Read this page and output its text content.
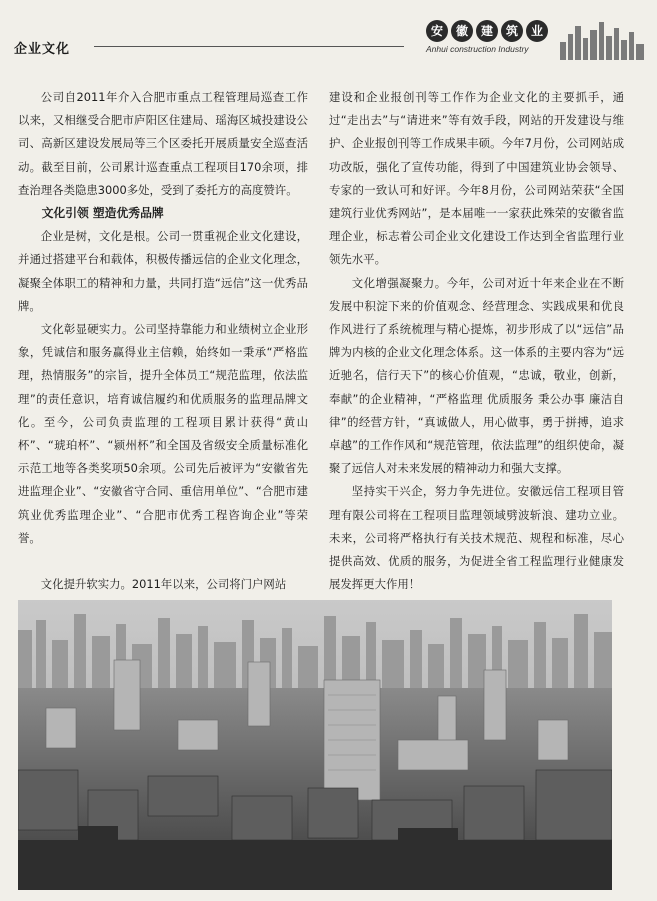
企业文化
安	徽	建	筑	业
Anhui construction Industry

公司自2011年介入合肥市重点工程管理局巡查工作以来，又相继受合肥市庐阳区住建局、瑶海区城投建设公司、高新区建设发展局等三个区委托开展质量安全巡查活动。截至目前，公司累计巡查重点工程项目170余项，排查治理各类隐患3000多处，受到了委托方的高度赞许。

文化引领 塑造优秀品牌

企业是树，文化是根。公司一贯重视企业文化建设，并通过搭建平台和载体，积极传播远信的企业文化理念，凝聚全体职工的精神和力量，共同打造“远信”这一优秀品牌。

文化彰显硬实力。公司坚持靠能力和业绩树立企业形象，凭诚信和服务赢得业主信赖，始终如一秉承“严格监理，热情服务”的宗旨，提升全体员工“规范监理，依法监理”的责任意识，培育诚信履约和优质服务的监理品牌文化。至今，公司负责监理的工程项目累计获得“黄山杯”、“琥珀杯”、“颍州杯”和全国及省级安全质量标准化示范工地等各类奖项50余项。公司先后被评为“安徽省先进监理企业”、“安徽省守合同、重信用单位”、“合肥市建筑业优秀监理企业”、“合肥市优秀工程咨询企业”等荣誉。

文化提升软实力。2011年以来，公司将门户网站

建设和企业报创刊等工作作为企业文化的主要抓手，通过“走出去”与“请进来”等有效手段，网站的开发建设与维护、企业报创刊等工作成果丰硕。今年7月份，公司网站成功改版，强化了宣传功能，得到了中国建筑业协会领导、专家的一致认可和好评。今年8月份，公司网站荣获“全国建筑行业优秀网站”，是本届唯一一家获此殊荣的安徽省监理企业，标志着公司企业文化建设工作达到全省监理行业领先水平。

文化增强凝聚力。今年，公司对近十年来企业在不断发展中积淀下来的价值观念、经营理念、实践成果和优良作风进行了系统梳理与精心提炼，初步形成了以“远信”品牌为内核的企业文化理念体系。这一体系的主要内容为“远近驰名，信行天下”的核心价值观，“忠诚，敬业，创新，奉献”的企业精神，“严格监理 优质服务 秉公办事 廉洁自律”的经营方针，“真诚做人，用心做事，勇于拼搏，追求卓越”的工作作风和“规范管理，依法监理”的组织使命，凝聚了远信人对未来发展的精神动力和强大支撑。

坚持实干兴企，努力争先进位。安徽远信工程项目管理有限公司将在工程项目监理领域劈波斩浪、建功立业。未来，公司将严格执行有关技术规范、规程和标准，尽心提供高效、优质的服务，为促进全省工程监理行业健康发展发挥更大作用！
